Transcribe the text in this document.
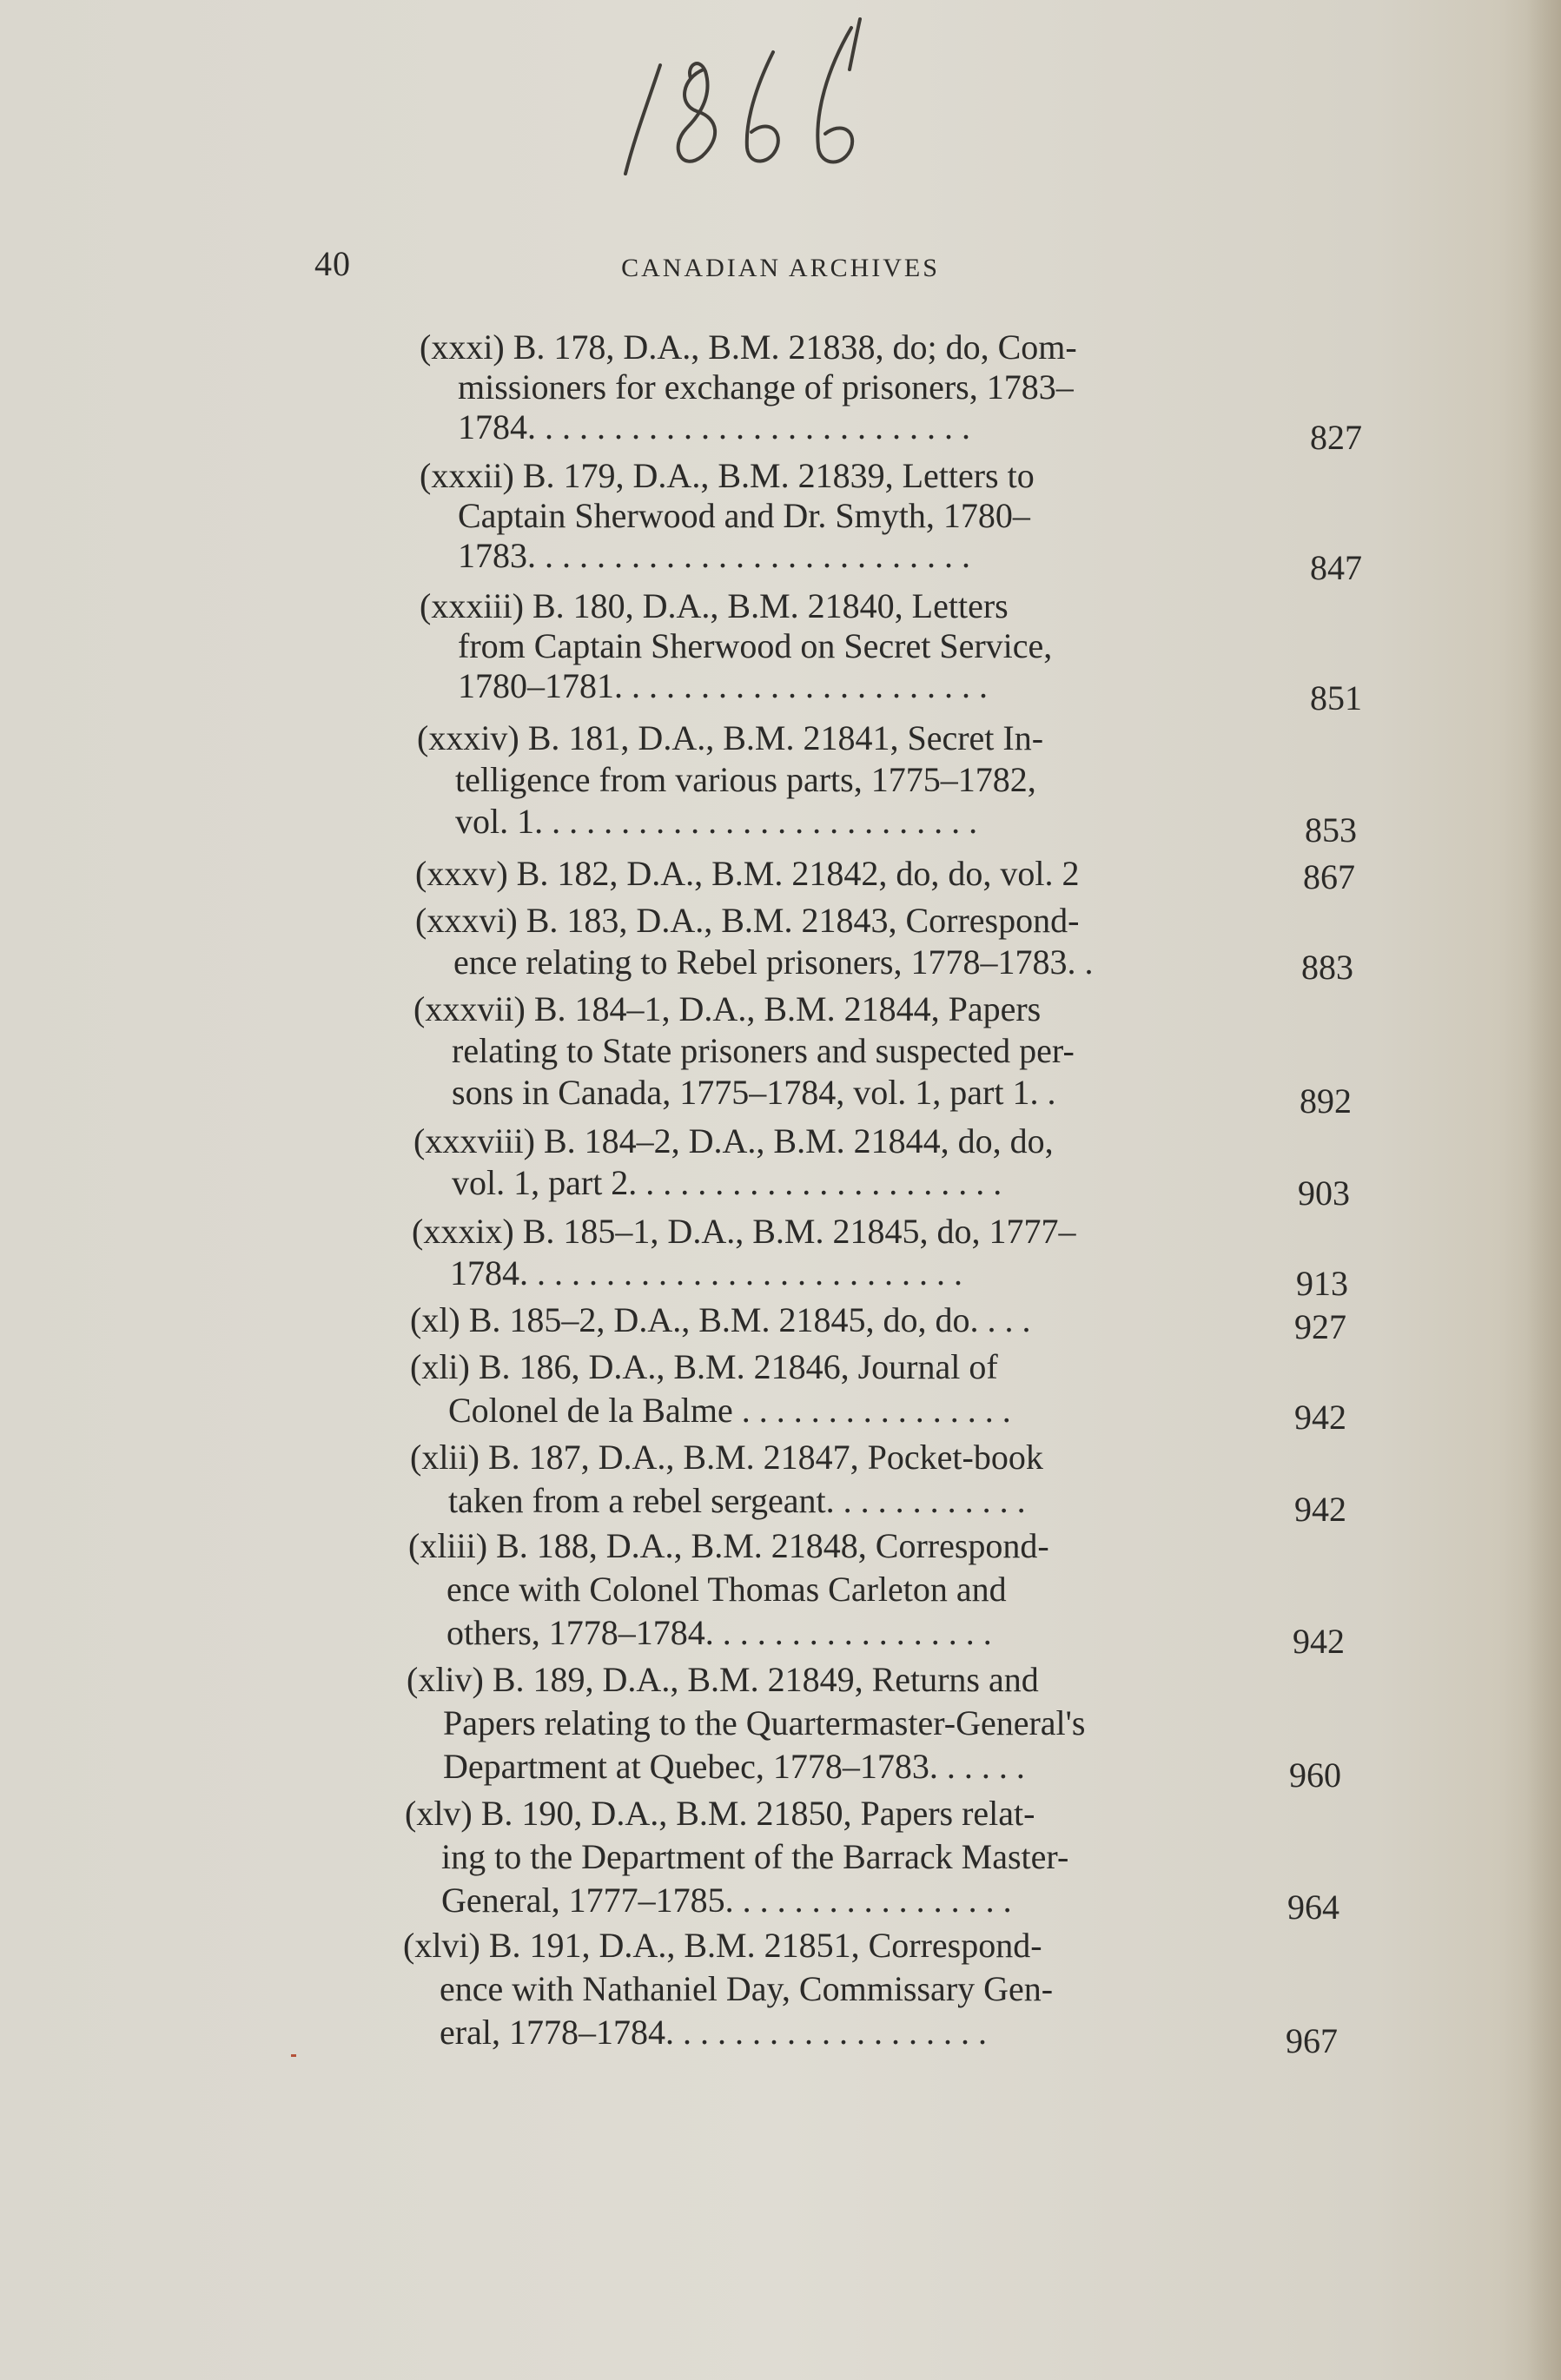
40	CANADIAN ARCHIVES
(xxxi) B. 178, D.A., B.M. 21838, do; do, Com-
missioners for exchange of prisoners, 1783–
1784. . . . . . . . . . . . . . . . . . . . . . . . . .	827
(xxxii) B. 179, D.A., B.M. 21839, Letters to
Captain Sherwood and Dr. Smyth, 1780–
1783. . . . . . . . . . . . . . . . . . . . . . . . . .	847
(xxxiii) B. 180, D.A., B.M. 21840, Letters
from Captain Sherwood on Secret Service,
1780–1781. . . . . . . . . . . . . . . . . . . . . .	851
(xxxiv) B. 181, D.A., B.M. 21841, Secret In-
telligence from various parts, 1775–1782,
vol. 1. . . . . . . . . . . . . . . . . . . . . . . . . .	853
(xxxv) B. 182, D.A., B.M. 21842, do, do, vol. 2	867
(xxxvi) B. 183, D.A., B.M. 21843, Correspond-
ence relating to Rebel prisoners, 1778–1783. .	883
(xxxvii) B. 184–1, D.A., B.M. 21844, Papers
relating to State prisoners and suspected per-
sons in Canada, 1775–1784, vol. 1, part 1. .	892
(xxxviii) B. 184–2, D.A., B.M. 21844, do, do,
vol. 1, part 2. . . . . . . . . . . . . . . . . . . . . .	903
(xxxix) B. 185–1, D.A., B.M. 21845, do, 1777–
1784. . . . . . . . . . . . . . . . . . . . . . . . . .	913
(xl) B. 185–2, D.A., B.M. 21845, do, do. . . .	927
(xli) B. 186, D.A., B.M. 21846, Journal of
Colonel de la Balme . . . . . . . . . . . . . . . .	942
(xlii) B. 187, D.A., B.M. 21847, Pocket-book
taken from a rebel sergeant. . . . . . . . . . . .	942
(xliii) B. 188, D.A., B.M. 21848, Correspond-
ence with Colonel Thomas Carleton and
others, 1778–1784. . . . . . . . . . . . . . . . .	942
(xliv) B. 189, D.A., B.M. 21849, Returns and
Papers relating to the Quartermaster-General's
Department at Quebec, 1778–1783. . . . . .	960
(xlv) B. 190, D.A., B.M. 21850, Papers relat-
ing to the Department of the Barrack Master-
General, 1777–1785. . . . . . . . . . . . . . . . .	964
(xlvi) B. 191, D.A., B.M. 21851, Correspond-
ence with Nathaniel Day, Commissary Gen-
eral, 1778–1784. . . . . . . . . . . . . . . . . . .	967
